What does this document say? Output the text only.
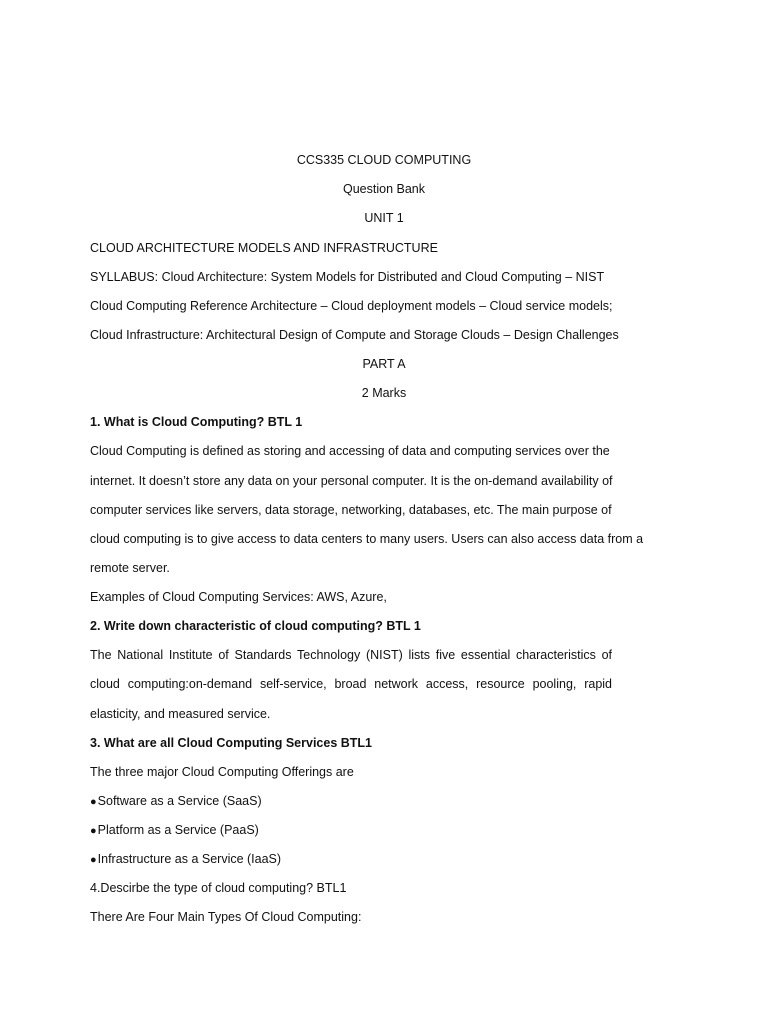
CCS335 CLOUD COMPUTING
Question Bank
UNIT 1
CLOUD ARCHITECTURE MODELS AND INFRASTRUCTURE
SYLLABUS: Cloud Architecture: System Models for Distributed and Cloud Computing – NIST
Cloud Computing Reference Architecture – Cloud deployment models – Cloud service models;
Cloud Infrastructure: Architectural Design of Compute and Storage Clouds – Design Challenges
PART A
2 Marks
1. What is Cloud Computing? BTL 1
Cloud Computing is defined as storing and accessing of data and computing services over the
internet. It doesn’t store any data on your personal computer. It is the on-demand availability of
computer services like servers, data storage, networking, databases, etc. The main purpose of
cloud computing is to give access to data centers to many users. Users can also access data from a
remote server.
Examples of Cloud Computing Services: AWS, Azure,
2. Write down characteristic of cloud computing? BTL 1
The National Institute of Standards Technology (NIST) lists five essential characteristics of
cloud computing:on-demand self-service, broad network access, resource pooling, rapid
elasticity, and measured service.
3. What are all Cloud Computing Services BTL1
The three major Cloud Computing Offerings are
●Software as a Service (SaaS)
●Platform as a Service (PaaS)
●Infrastructure as a Service (IaaS)
4.Descirbe the type of cloud computing? BTL1
There Are Four Main Types Of Cloud Computing:
